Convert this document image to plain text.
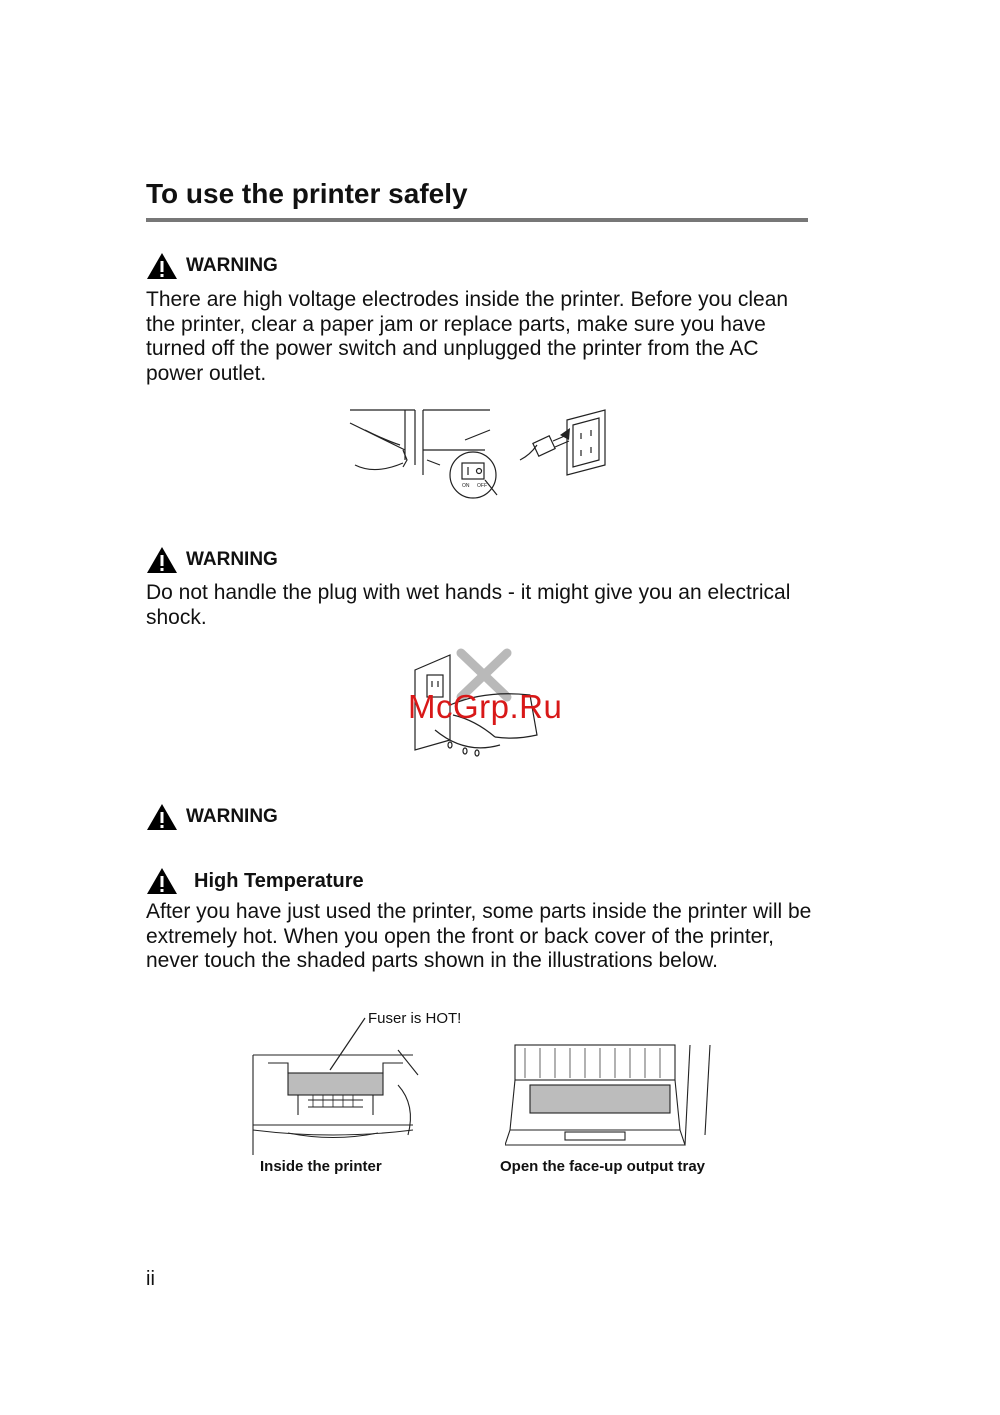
To use the printer safely
WARNING
There are high voltage electrodes inside the printer. Before you clean the printer, clear a paper jam or replace parts, make sure you have turned off the power switch and unplugged the printer from the AC power outlet.
ON OFF
WARNING
Do not handle the plug with wet hands - it might give you an electrical shock.
McGrp.Ru
WARNING
High Temperature
After you have just used the printer, some parts inside the printer will be extremely hot. When you open the front or back cover of the printer, never touch the shaded parts shown in the illustrations below.
Fuser is HOT!
Inside the printer	Open the face-up output tray
ii
